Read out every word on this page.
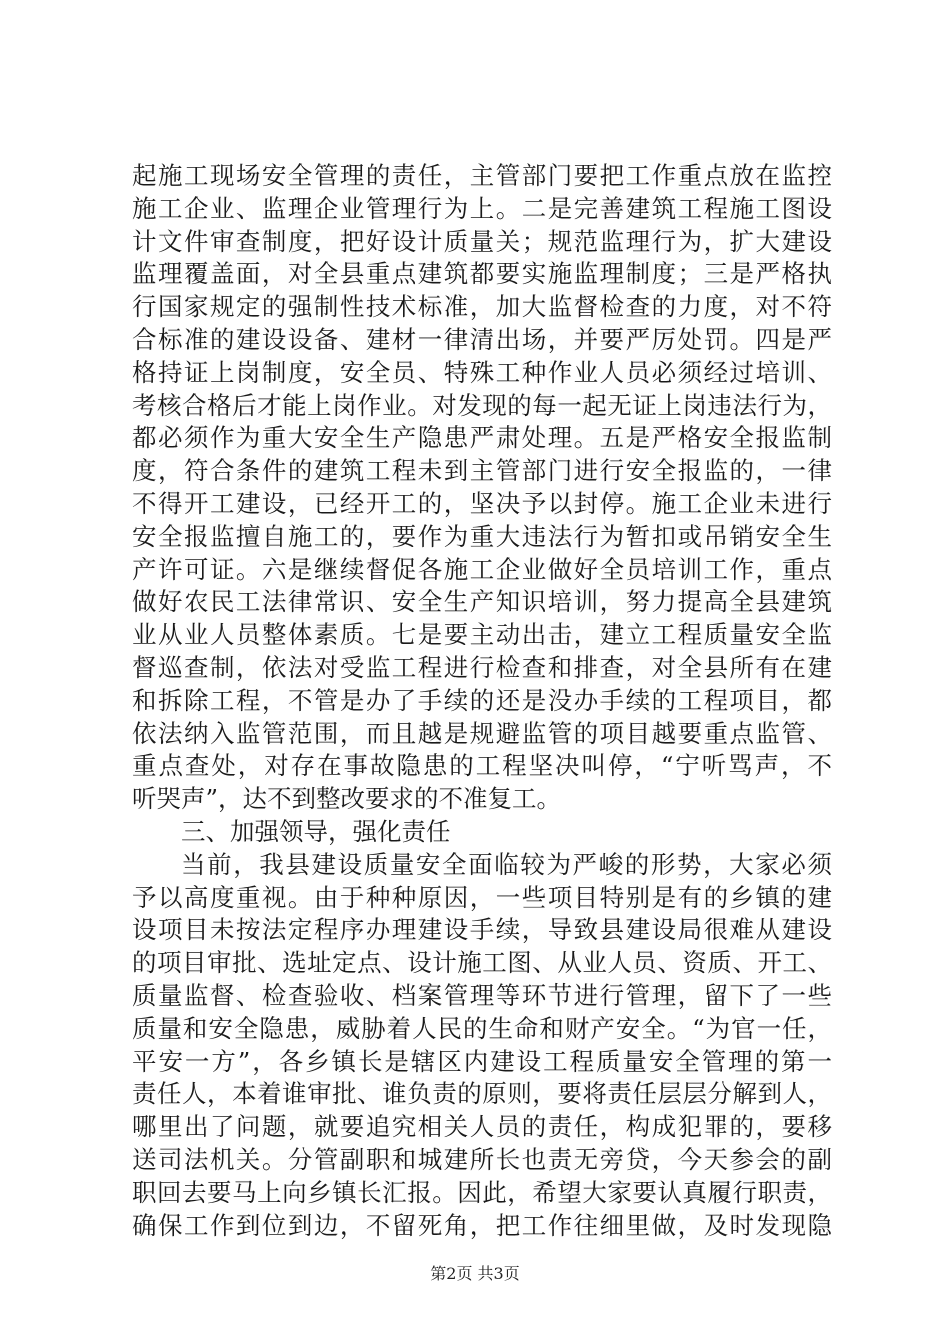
起施工现场安全管理的责任，主管部门要把工作重点放在监控
施工企业、监理企业管理行为上。二是完善建筑工程施工图设
计文件审查制度，把好设计质量关；规范监理行为，扩大建设
监理覆盖面，对全县重点建筑都要实施监理制度；三是严格执
行国家规定的强制性技术标准，加大监督检查的力度，对不符
合标准的建设设备、建材一律清出场，并要严厉处罚。四是严
格持证上岗制度，安全员、特殊工种作业人员必须经过培训、
考核合格后才能上岗作业。对发现的每一起无证上岗违法行为，
都必须作为重大安全生产隐患严肃处理。五是严格安全报监制
度，符合条件的建筑工程未到主管部门进行安全报监的，一律
不得开工建设，已经开工的，坚决予以封停。施工企业未进行
安全报监擅自施工的，要作为重大违法行为暂扣或吊销安全生
产许可证。六是继续督促各施工企业做好全员培训工作，重点
做好农民工法律常识、安全生产知识培训，努力提高全县建筑
业从业人员整体素质。七是要主动出击，建立工程质量安全监
督巡查制，依法对受监工程进行检查和排查，对全县所有在建
和拆除工程，不管是办了手续的还是没办手续的工程项目，都
依法纳入监管范围，而且越是规避监管的项目越要重点监管、
重点查处，对存在事故隐患的工程坚决叫停，“宁听骂声，不
听哭声”，达不到整改要求的不准复工。
三、加强领导，强化责任
当前，我县建设质量安全面临较为严峻的形势，大家必须
予以高度重视。由于种种原因，一些项目特别是有的乡镇的建
设项目未按法定程序办理建设手续，导致县建设局很难从建设
的项目审批、选址定点、设计施工图、从业人员、资质、开工、
质量监督、检查验收、档案管理等环节进行管理，留下了一些
质量和安全隐患，威胁着人民的生命和财产安全。“为官一任，
平安一方”，各乡镇长是辖区内建设工程质量安全管理的第一
责任人，本着谁审批、谁负责的原则，要将责任层层分解到人，
哪里出了问题，就要追究相关人员的责任，构成犯罪的，要移
送司法机关。分管副职和城建所长也责无旁贷，今天参会的副
职回去要马上向乡镇长汇报。因此，希望大家要认真履行职责，
确保工作到位到边，不留死角，把工作往细里做，及时发现隐
第2页 共3页
